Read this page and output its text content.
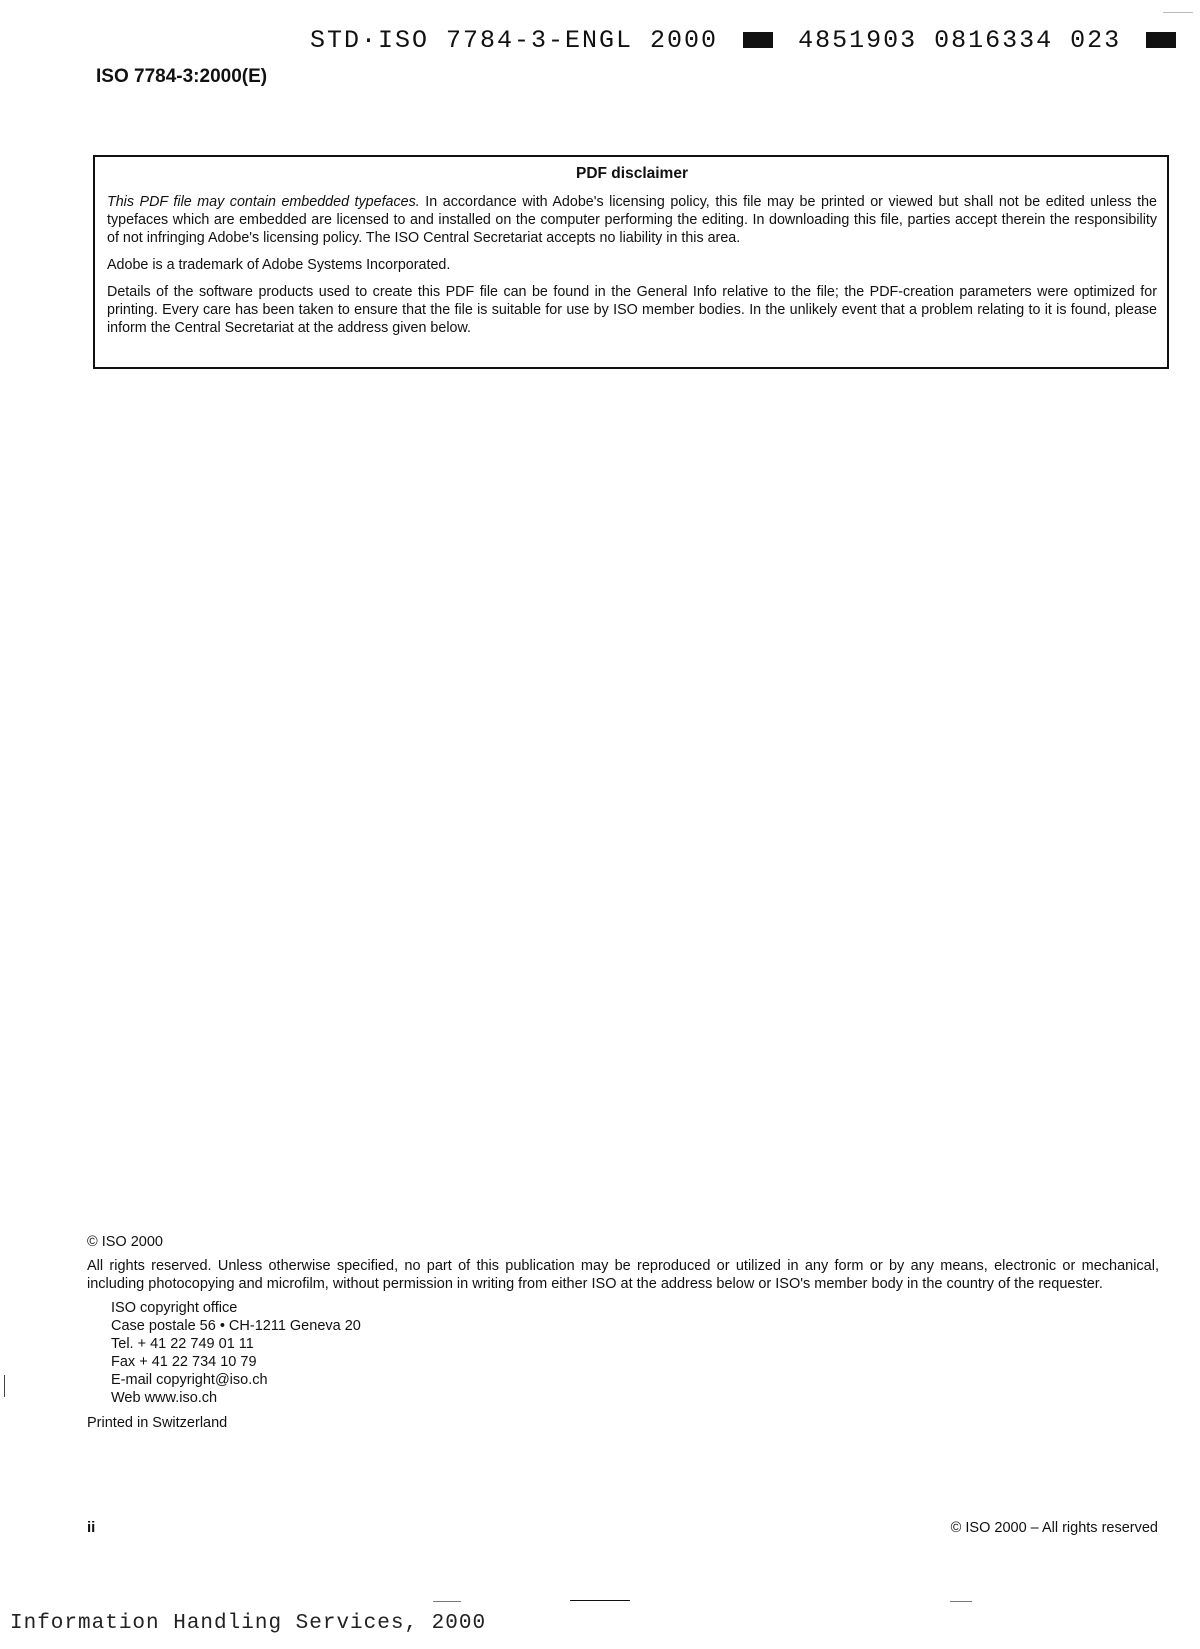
STD·ISO 7784-3-ENGL 2000	4851903 0816334 023
ISO 7784-3:2000(E)
PDF disclaimer

This PDF file may contain embedded typefaces. In accordance with Adobe's licensing policy, this file may be printed or viewed but shall not be edited unless the typefaces which are embedded are licensed to and installed on the computer performing the editing. In downloading this file, parties accept therein the responsibility of not infringing Adobe's licensing policy. The ISO Central Secretariat accepts no liability in this area.

Adobe is a trademark of Adobe Systems Incorporated.

Details of the software products used to create this PDF file can be found in the General Info relative to the file; the PDF-creation parameters were optimized for printing. Every care has been taken to ensure that the file is suitable for use by ISO member bodies. In the unlikely event that a problem relating to it is found, please inform the Central Secretariat at the address given below.

© ISO 2000

All rights reserved. Unless otherwise specified, no part of this publication may be reproduced or utilized in any form or by any means, electronic or mechanical, including photocopying and microfilm, without permission in writing from either ISO at the address below or ISO's member body in the country of the requester.

ISO copyright office
Case postale 56 • CH-1211 Geneva 20
Tel. + 41 22 749 01 11
Fax + 41 22 734 10 79
E-mail copyright@iso.ch
Web www.iso.ch

Printed in Switzerland

ii	© ISO 2000 – All rights reserved
Information Handling Services, 2000
